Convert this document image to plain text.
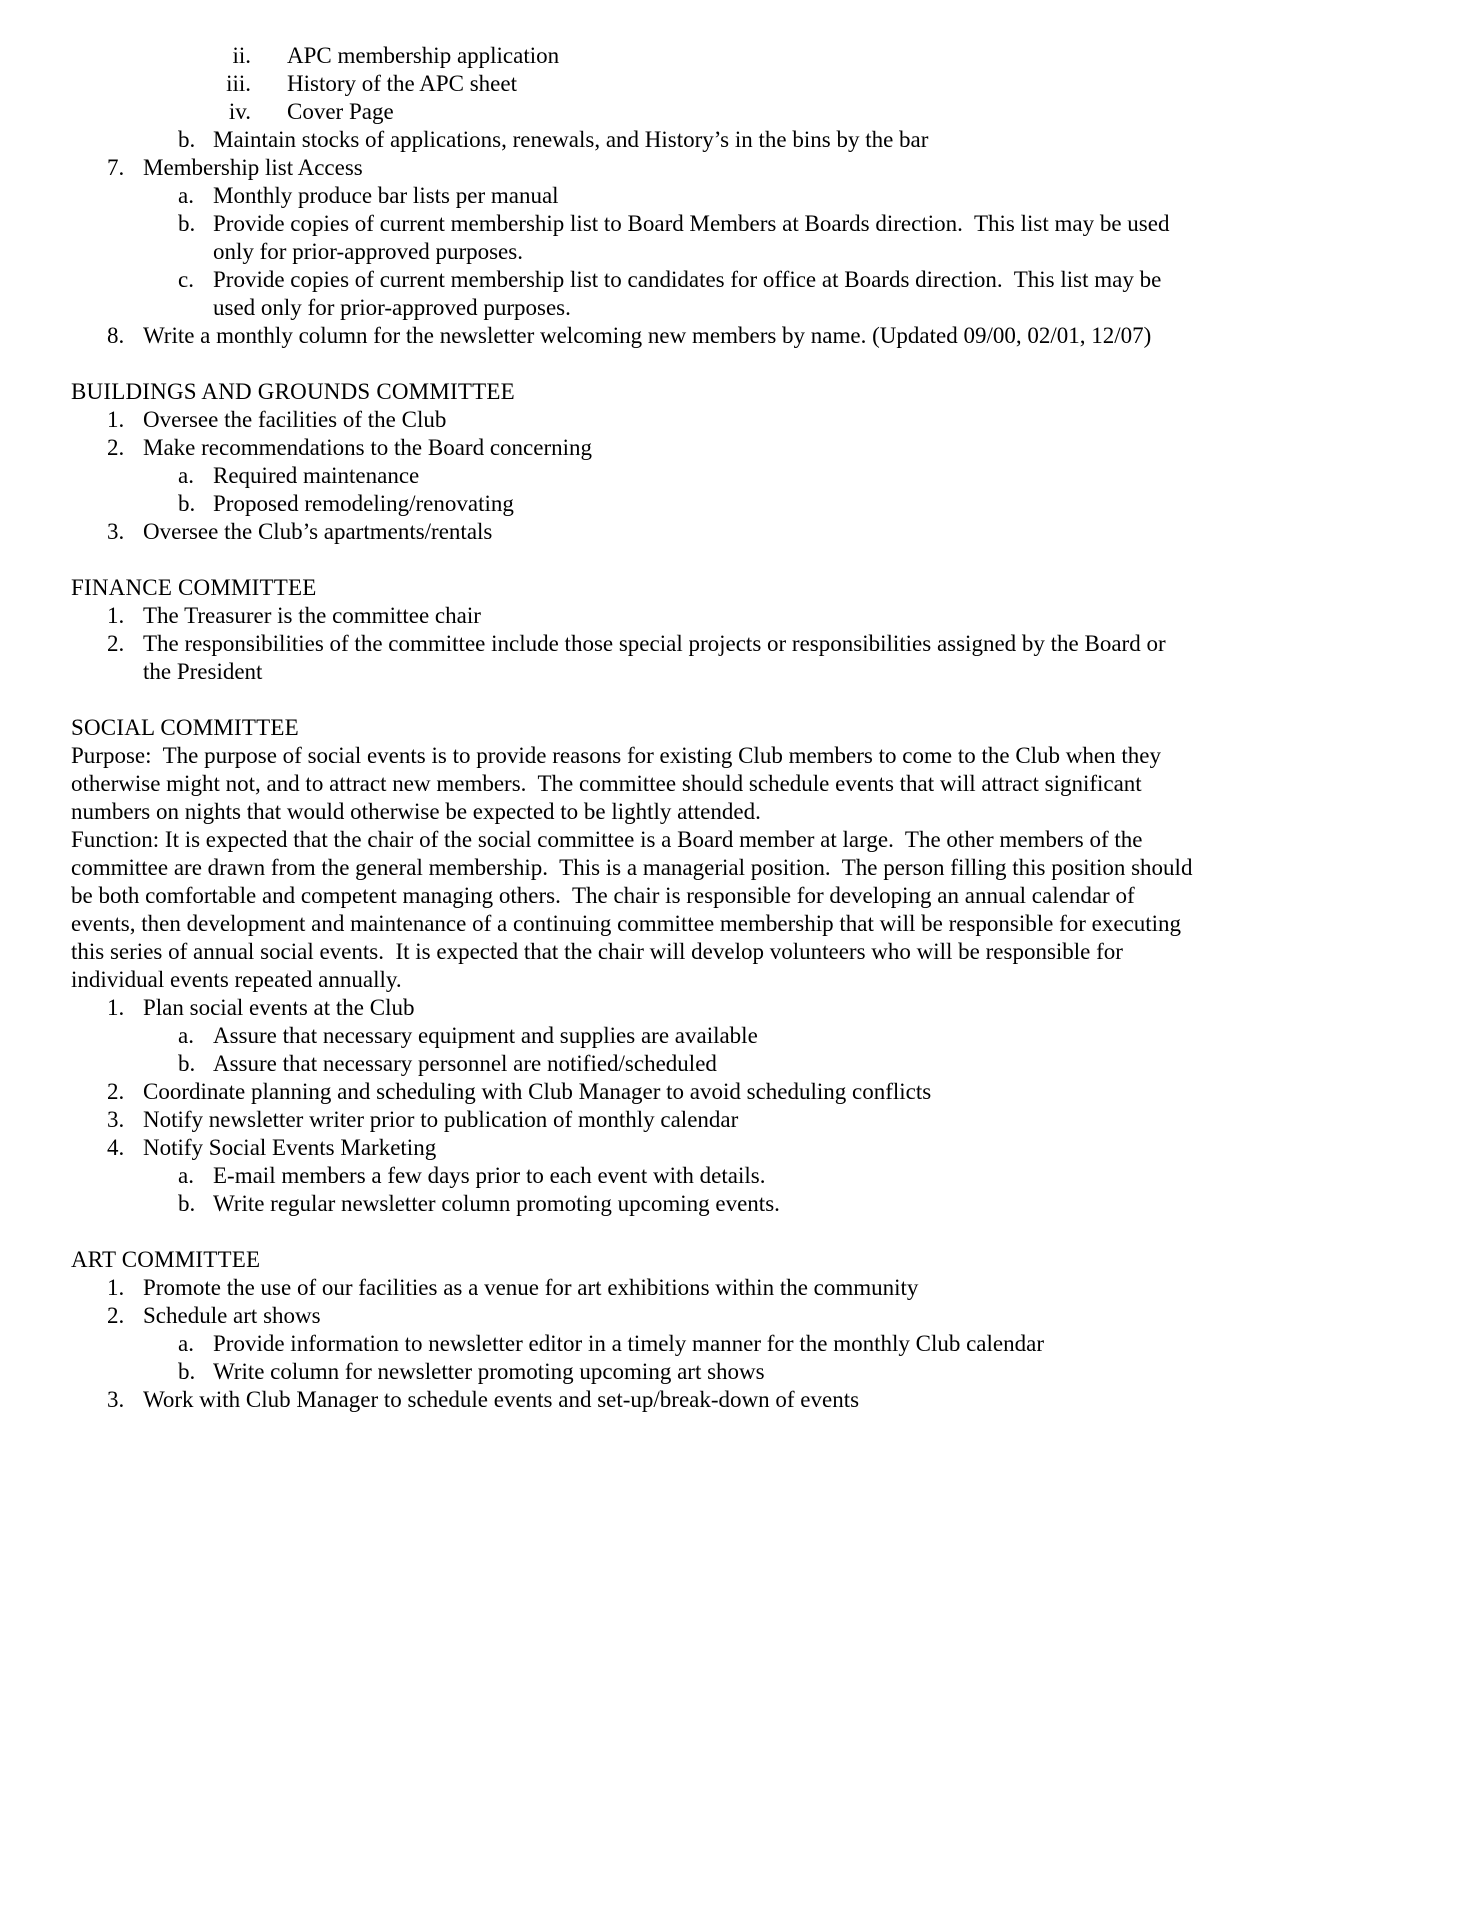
ii. APC membership application
iii. History of the APC sheet
iv. Cover Page
b. Maintain stocks of applications, renewals, and History’s in the bins by the bar
7. Membership list Access
a. Monthly produce bar lists per manual
b. Provide copies of current membership list to Board Members at Boards direction.  This list may be used only for prior-approved purposes.
c. Provide copies of current membership list to candidates for office at Boards direction.  This list may be used only for prior-approved purposes.
8. Write a monthly column for the newsletter welcoming new members by name. (Updated 09/00, 02/01, 12/07)
BUILDINGS AND GROUNDS COMMITTEE
1. Oversee the facilities of the Club
2. Make recommendations to the Board concerning
a. Required maintenance
b. Proposed remodeling/renovating
3. Oversee the Club’s apartments/rentals
FINANCE COMMITTEE
1. The Treasurer is the committee chair
2. The responsibilities of the committee include those special projects or responsibilities assigned by the Board or the President
SOCIAL COMMITTEE
Purpose:  The purpose of social events is to provide reasons for existing Club members to come to the Club when they otherwise might not, and to attract new members.  The committee should schedule events that will attract significant numbers on nights that would otherwise be expected to be lightly attended.
Function: It is expected that the chair of the social committee is a Board member at large.  The other members of the committee are drawn from the general membership.  This is a managerial position.  The person filling this position should be both comfortable and competent managing others.  The chair is responsible for developing an annual calendar of events, then development and maintenance of a continuing committee membership that will be responsible for executing this series of annual social events.  It is expected that the chair will develop volunteers who will be responsible for individual events repeated annually.
1. Plan social events at the Club
a. Assure that necessary equipment and supplies are available
b. Assure that necessary personnel are notified/scheduled
2. Coordinate planning and scheduling with Club Manager to avoid scheduling conflicts
3. Notify newsletter writer prior to publication of monthly calendar
4. Notify Social Events Marketing
a. E-mail members a few days prior to each event with details.
b. Write regular newsletter column promoting upcoming events.
ART COMMITTEE
1. Promote the use of our facilities as a venue for art exhibitions within the community
2. Schedule art shows
a. Provide information to newsletter editor in a timely manner for the monthly Club calendar
b. Write column for newsletter promoting upcoming art shows
3. Work with Club Manager to schedule events and set-up/break-down of events
